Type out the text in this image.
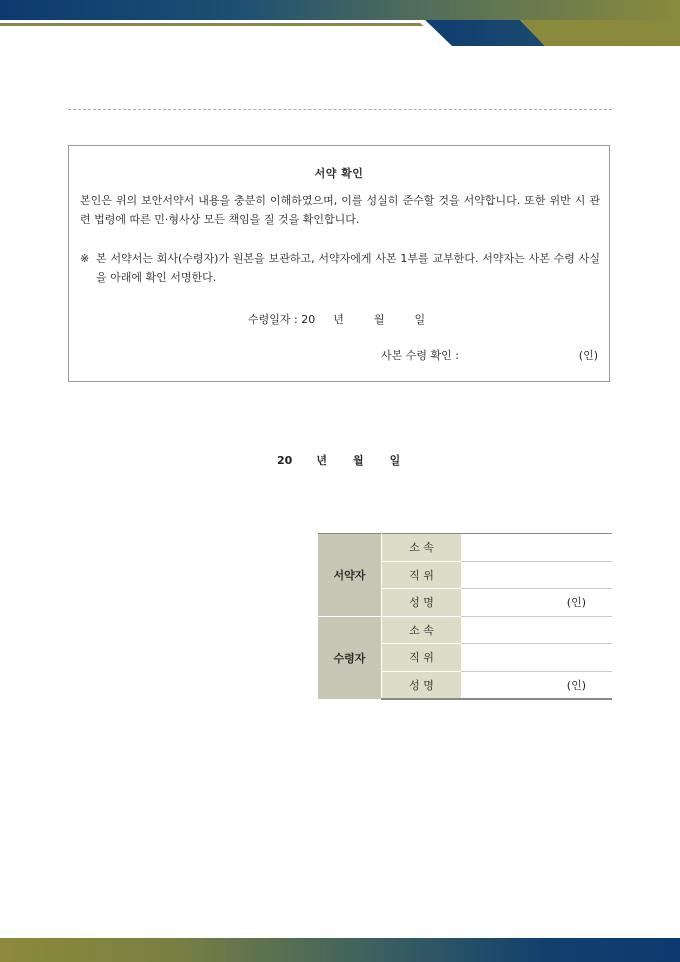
서약 확인
본인은 위의 보안서약서 내용을 충분히 이해하였으며, 이를 성실히 준수할 것을 서약합니다. 또한 위반 시 관련 법령에 따른 민·형사상 모든 책임을 질 것을 확인합니다.
※ 본 서약서는 회사(수령자)가 원본을 보관하고, 서약자에게 사본 1부를 교부한다. 서약자는 사본 수령 사실을 아래에 확인 서명한다.
수령일자 : 20 년	월	일
사본 수령 확인 :	(인)
20 년 월 일
서약자	소 속	
	직 위	
	성 명	(인)
수령자	소 속	
	직 위	
	성 명	(인)
